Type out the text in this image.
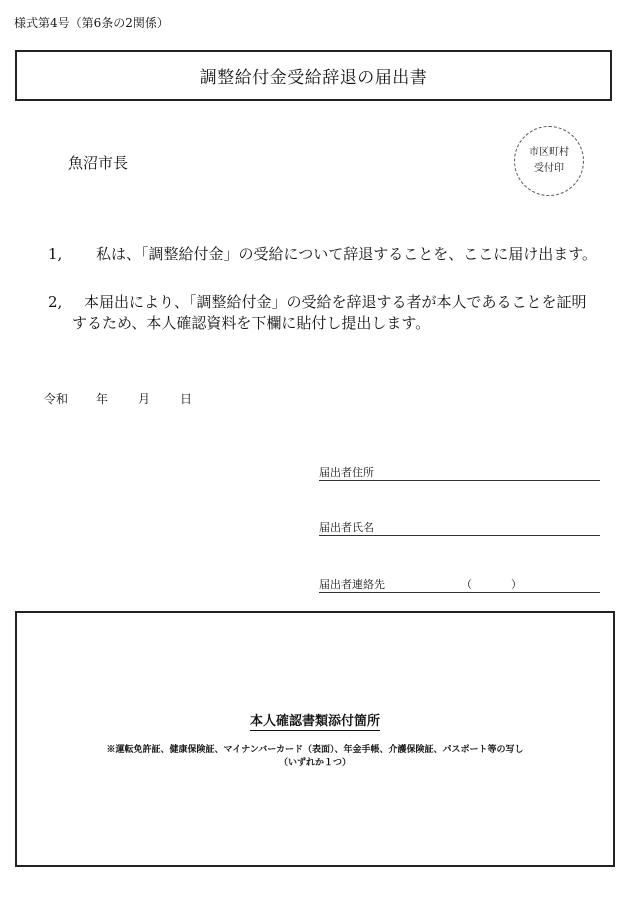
様式第4号（第6条の2関係）
調整給付金受給辞退の届出書
魚沼市長
市区町村
受付印
1, 私は、「調整給付金」の受給について辞退することを、ここに届け出ます。
2, 本届出により、「調整給付金」の受給を辞退する者が本人であることを証明
するため、本人確認資料を下欄に貼付し提出します。
令和 年 月 日
届出者住所
届出者氏名
届出者連絡先	（	）
本人確認書類添付箇所
※運転免許証、健康保険証、マイナンバーカード（表面）、年金手帳、介護保険証、パスポート等の写し
（いずれか１つ）
